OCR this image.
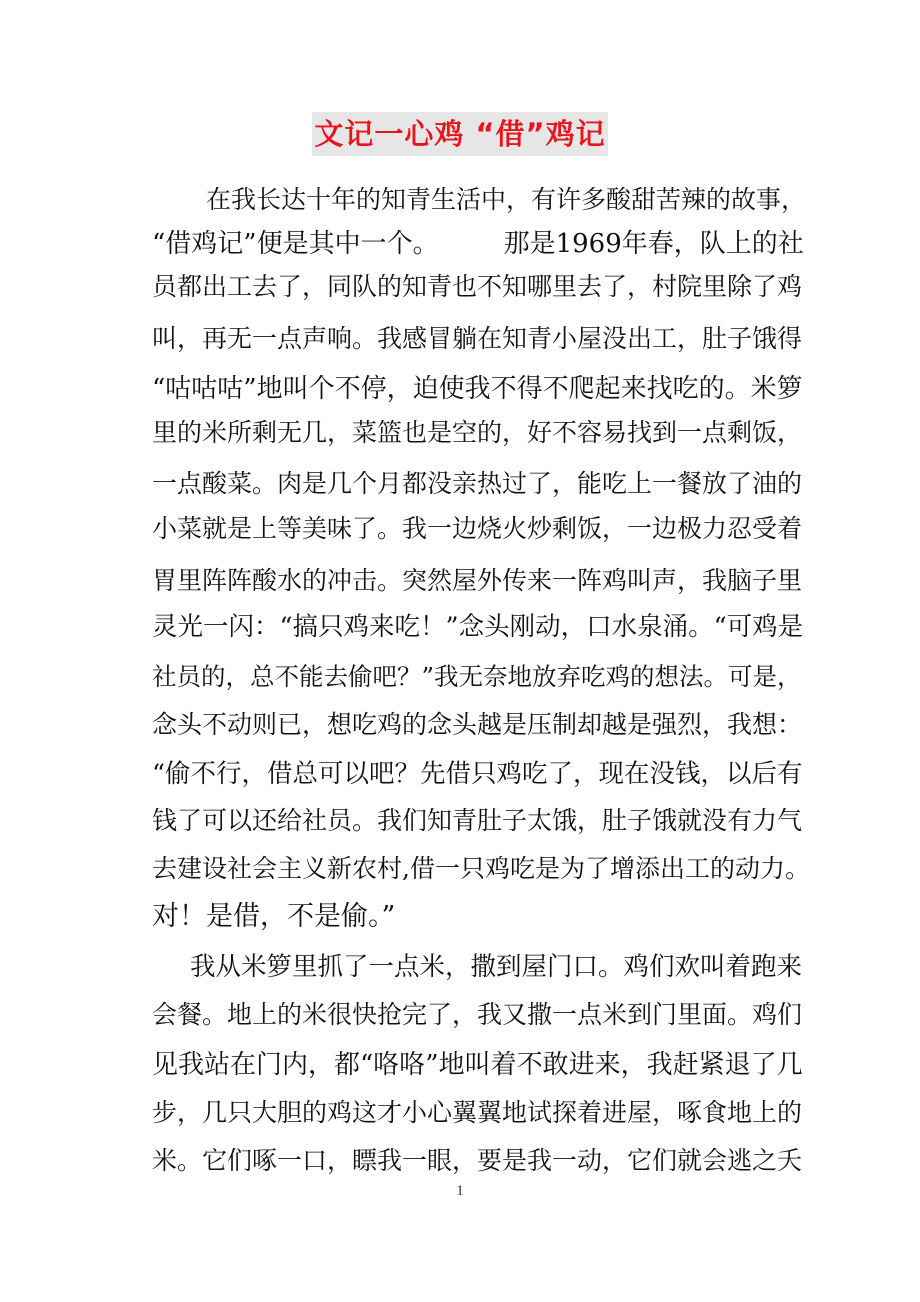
文记一心鸡 “借”鸡记

在我长达十年的知青生活中，有许多酸甜苦辣的故事，

“借鸡记”便是其中一个。　　　那是1969年春，队上的社

员都出工去了，同队的知青也不知哪里去了，村院里除了鸡

叫，再无一点声响。我感冒躺在知青小屋没出工，肚子饿得

“咕咕咕”地叫个不停，迫使我不得不爬起来找吃的。米箩

里的米所剩无几，菜篮也是空的，好不容易找到一点剩饭，

一点酸菜。肉是几个月都没亲热过了，能吃上一餐放了油的

小菜就是上等美味了。我一边烧火炒剩饭，一边极力忍受着

胃里阵阵酸水的冲击。突然屋外传来一阵鸡叫声，我脑子里

灵光一闪：“搞只鸡来吃！”念头刚动，口水泉涌。“可鸡是

社员的，总不能去偷吧？”我无奈地放弃吃鸡的想法。可是，

念头不动则已，想吃鸡的念头越是压制却越是强烈，我想：

“偷不行，借总可以吧？先借只鸡吃了，现在没钱，以后有

钱了可以还给社员。我们知青肚子太饿，肚子饿就没有力气

去建设社会主义新农村,借一只鸡吃是为了增添出工的动力。

对！是借，不是偷。”

我从米箩里抓了一点米，撒到屋门口。鸡们欢叫着跑来

会餐。地上的米很快抢完了，我又撒一点米到门里面。鸡们

见我站在门内，都“咯咯”地叫着不敢进来，我赶紧退了几

步，几只大胆的鸡这才小心翼翼地试探着进屋，啄食地上的

米。它们啄一口，瞟我一眼，要是我一动，它们就会逃之夭

1
